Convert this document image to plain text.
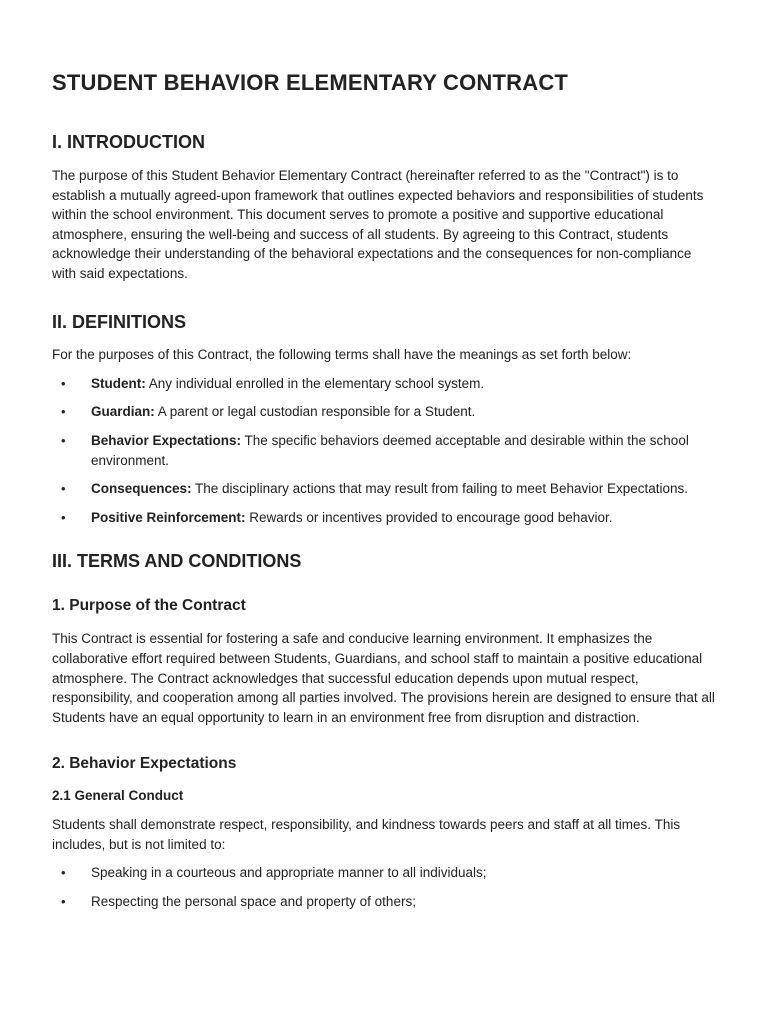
STUDENT BEHAVIOR ELEMENTARY CONTRACT
I. INTRODUCTION

The purpose of this Student Behavior Elementary Contract (hereinafter referred to as the "Contract") is to establish a mutually agreed-upon framework that outlines expected behaviors and responsibilities of students within the school environment. This document serves to promote a positive and supportive educational atmosphere, ensuring the well-being and success of all students. By agreeing to this Contract, students acknowledge their understanding of the behavioral expectations and the consequences for non-compliance with said expectations.

II. DEFINITIONS

For the purposes of this Contract, the following terms shall have the meanings as set forth below:

• Student: Any individual enrolled in the elementary school system.
• Guardian: A parent or legal custodian responsible for a Student.
• Behavior Expectations: The specific behaviors deemed acceptable and desirable within the school environment.
• Consequences: The disciplinary actions that may result from failing to meet Behavior Expectations.
• Positive Reinforcement: Rewards or incentives provided to encourage good behavior.
III. TERMS AND CONDITIONS
1. Purpose of the Contract

This Contract is essential for fostering a safe and conducive learning environment. It emphasizes the collaborative effort required between Students, Guardians, and school staff to maintain a positive educational atmosphere. The Contract acknowledges that successful education depends upon mutual respect, responsibility, and cooperation among all parties involved. The provisions herein are designed to ensure that all Students have an equal opportunity to learn in an environment free from disruption and distraction.

2. Behavior Expectations
2.1 General Conduct

Students shall demonstrate respect, responsibility, and kindness towards peers and staff at all times. This includes, but is not limited to:

• Speaking in a courteous and appropriate manner to all individuals;
• Respecting the personal space and property of others;
